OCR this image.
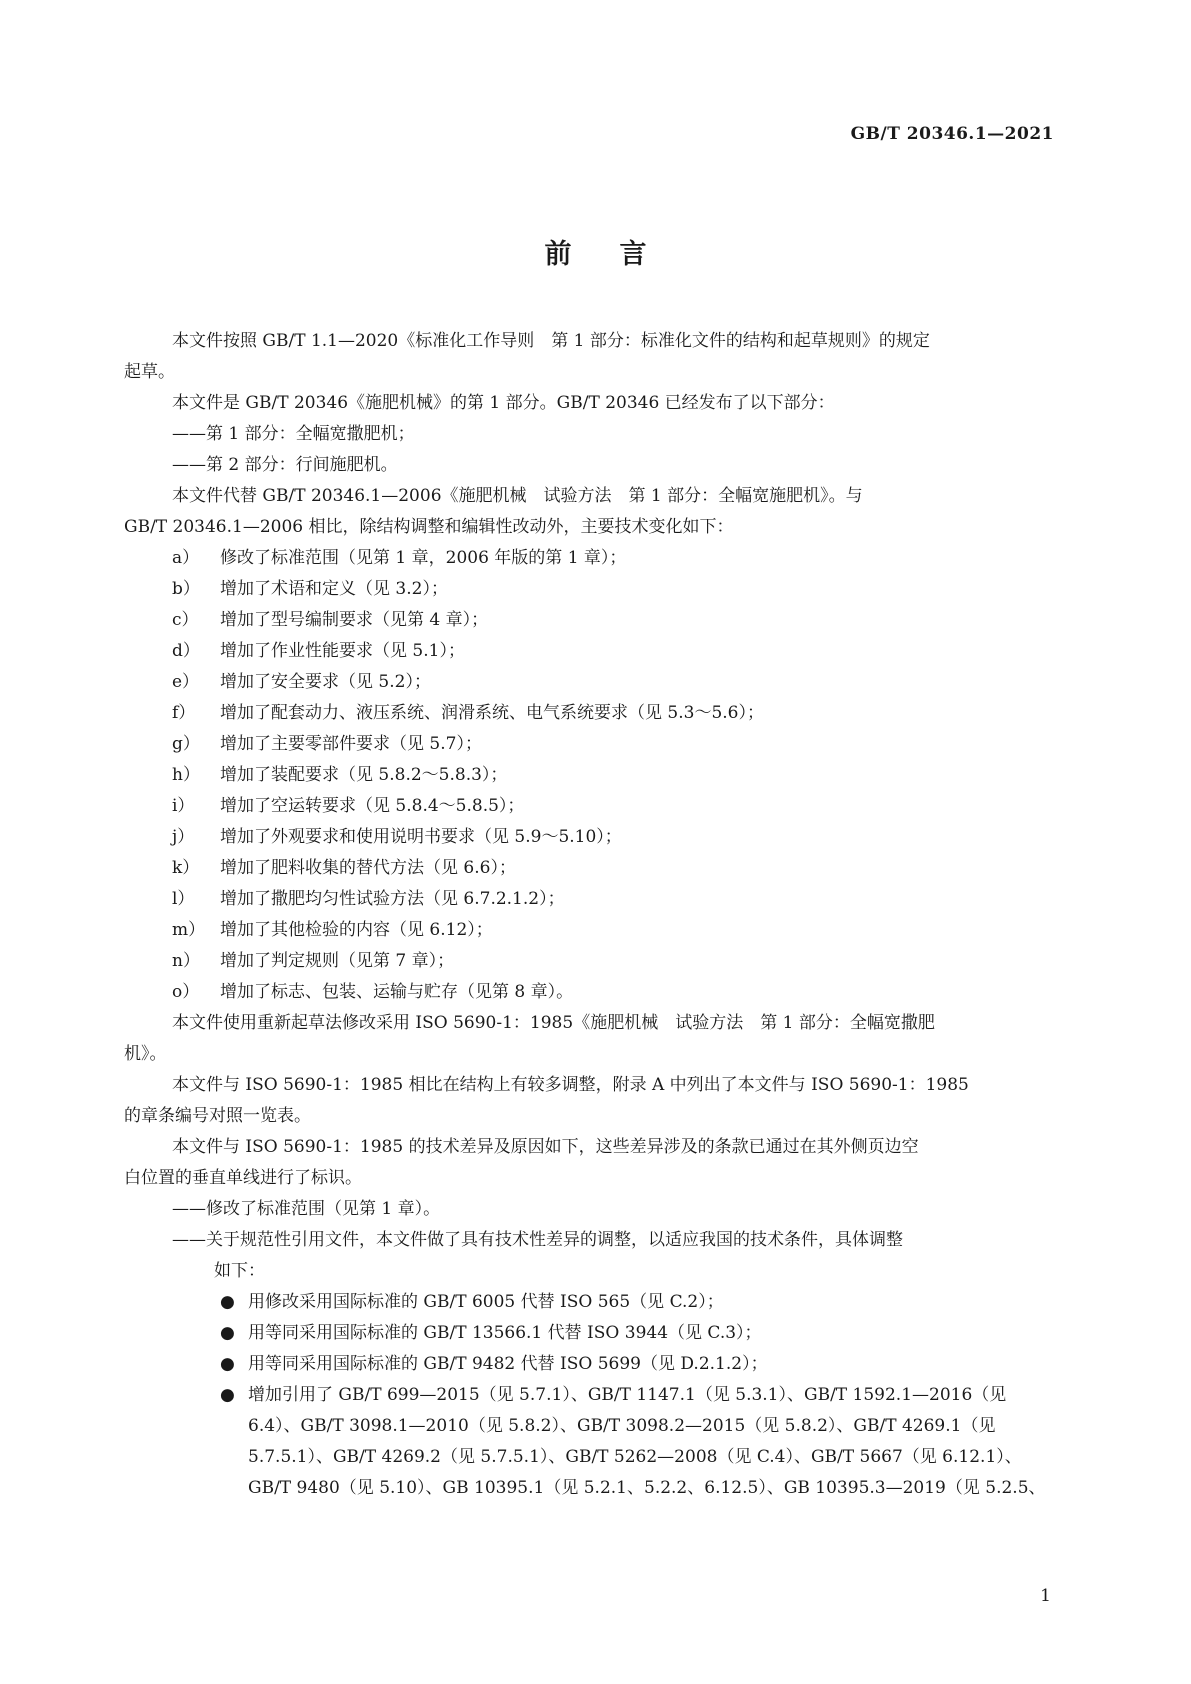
GB/T 20346.1—2021
前言
本文件按照 GB/T 1.1—2020《标准化工作导则　第 1 部分：标准化文件的结构和起草规则》的规定
起草。
本文件是 GB/T 20346《施肥机械》的第 1 部分。GB/T 20346 已经发布了以下部分：
——第 1 部分：全幅宽撒肥机；
——第 2 部分：行间施肥机。
本文件代替 GB/T 20346.1—2006《施肥机械　试验方法　第 1 部分：全幅宽施肥机》。与
GB/T 20346.1—2006 相比，除结构调整和编辑性改动外，主要技术变化如下：
a） 修改了标准范围（见第 1 章，2006 年版的第 1 章）；
b） 增加了术语和定义（见 3.2）；
c） 增加了型号编制要求（见第 4 章）；
d） 增加了作业性能要求（见 5.1）；
e） 增加了安全要求（见 5.2）；
f） 增加了配套动力、液压系统、润滑系统、电气系统要求（见 5.3～5.6）；
g） 增加了主要零部件要求（见 5.7）；
h） 增加了装配要求（见 5.8.2～5.8.3）；
i） 增加了空运转要求（见 5.8.4～5.8.5）；
j） 增加了外观要求和使用说明书要求（见 5.9～5.10）；
k） 增加了肥料收集的替代方法（见 6.6）；
l） 增加了撒肥均匀性试验方法（见 6.7.2.1.2）；
m） 增加了其他检验的内容（见 6.12）；
n） 增加了判定规则（见第 7 章）；
o） 增加了标志、包装、运输与贮存（见第 8 章）。
本文件使用重新起草法修改采用 ISO 5690-1：1985《施肥机械　试验方法　第 1 部分：全幅宽撒肥
机》。
本文件与 ISO 5690-1：1985 相比在结构上有较多调整，附录 A 中列出了本文件与 ISO 5690-1：1985
的章条编号对照一览表。
本文件与 ISO 5690-1：1985 的技术差异及原因如下，这些差异涉及的条款已通过在其外侧页边空
白位置的垂直单线进行了标识。
——修改了标准范围（见第 1 章）。
——关于规范性引用文件，本文件做了具有技术性差异的调整，以适应我国的技术条件，具体调整
如下：
● 用修改采用国际标准的 GB/T 6005 代替 ISO 565（见 C.2）；
● 用等同采用国际标准的 GB/T 13566.1 代替 ISO 3944（见 C.3）；
● 用等同采用国际标准的 GB/T 9482 代替 ISO 5699（见 D.2.1.2）；
● 增加引用了 GB/T 699—2015（见 5.7.1）、GB/T 1147.1（见 5.3.1）、GB/T 1592.1—2016（见
6.4）、GB/T 3098.1—2010（见 5.8.2）、GB/T 3098.2—2015（见 5.8.2）、GB/T 4269.1（见
5.7.5.1）、GB/T 4269.2（见 5.7.5.1）、GB/T 5262—2008（见 C.4）、GB/T 5667（见 6.12.1）、
GB/T 9480（见 5.10）、GB 10395.1（见 5.2.1、5.2.2、6.12.5）、GB 10395.3—2019（见 5.2.5、
1
